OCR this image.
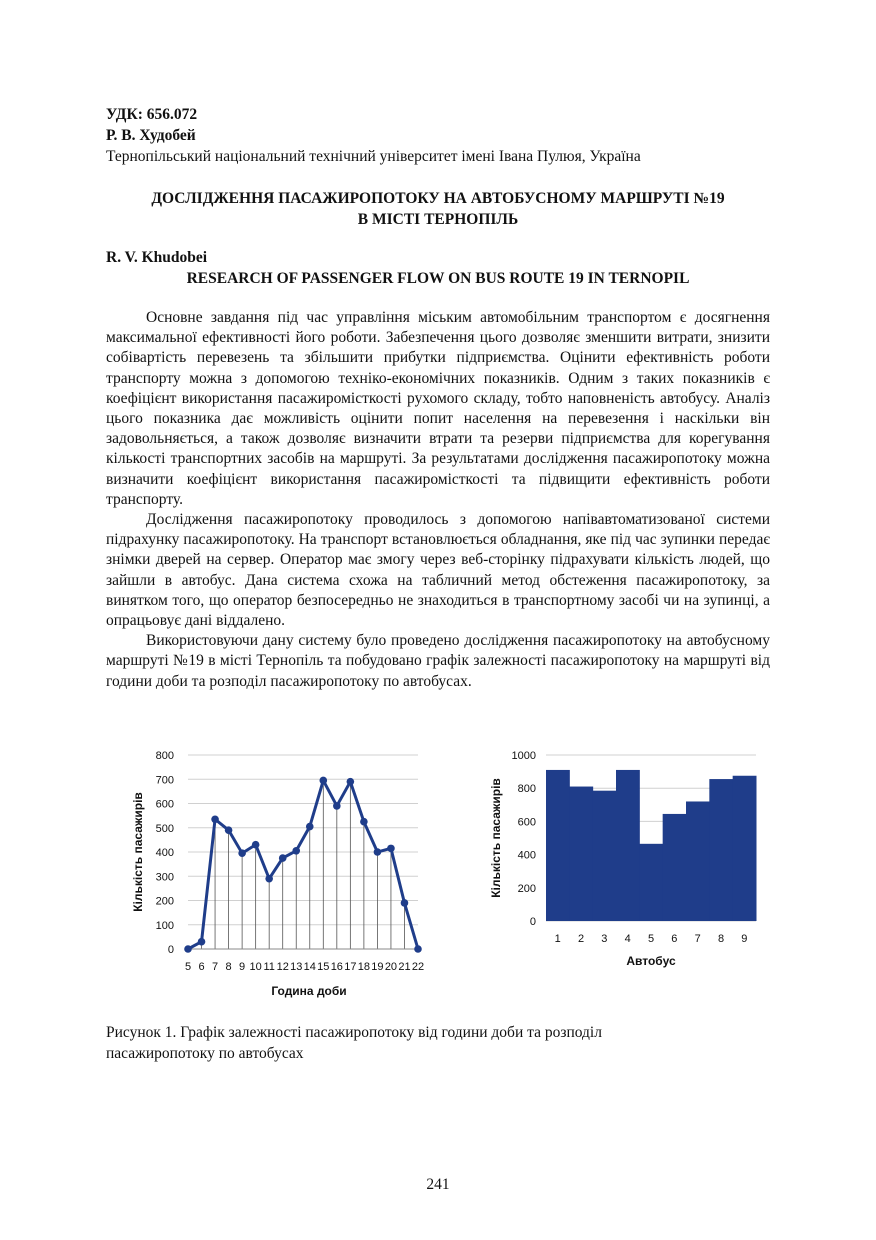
УДК: 656.072
Р. В. Худобей
Тернопільський національний технічний університет імені Івана Пулюя, Україна
ДОСЛІДЖЕННЯ ПАСАЖИРОПОТОКУ НА АВТОБУСНОМУ МАРШРУТІ №19
В МІСТІ ТЕРНОПІЛЬ
R. V. Khudobei
RESEARCH OF PASSENGER FLOW ON BUS ROUTE 19 IN TERNOPIL

Основне завдання під час управління міським автомобільним транспортом є досягнення максимальної ефективності його роботи. Забезпечення цього дозволяє зменшити витрати, знизити собівартість перевезень та збільшити прибутки підприємства. Оцінити ефективність роботи транспорту можна з допомогою техніко-економічних показників. Одним з таких показників є коефіцієнт використання пасажиромісткості рухомого складу, тобто наповненість автобусу. Аналіз цього показника дає можливість оцінити попит населення на перевезення і наскільки він задовольняється, а також дозволяє визначити втрати та резерви підприємства для корегування кількості транспортних засобів на маршруті. За результатами дослідження пасажиропотоку можна визначити коефіцієнт використання пасажиромісткості та підвищити ефективність роботи транспорту.

Дослідження пасажиропотоку проводилось з допомогою напівавтоматизованої системи підрахунку пасажиропотоку. На транспорт встановлюється обладнання, яке під час зупинки передає знімки дверей на сервер. Оператор має змогу через веб-сторінку підрахувати кількість людей, що зайшли в автобус. Дана система схожа на табличний метод обстеження пасажиропотоку, за винятком того, що оператор безпосередньо не знаходиться в транспортному засобі чи на зупинці, а опрацьовує дані віддалено.

Використовуючи дану систему було проведено дослідження пасажиропотоку на автобусному маршруті №19 в місті Тернопіль та побудовано графік залежності пасажиропотоку на маршруті від години доби та розподіл пасажиропотоку по автобусах.

0
100
200
300
400
500
600
700
800
5 6 7 8 9 10 11 12 13 14 15 16 17 18 19 20 21 22
Година доби
Кількість пасажирів
0
200
400
600
800
1000
1 2 3 4 5 6 7 8 9
Автобус
Кількість пасажирів
Рисунок 1. Графік залежності пасажиропотоку від години доби та розподіл
пасажиропотоку по автобусах
241
